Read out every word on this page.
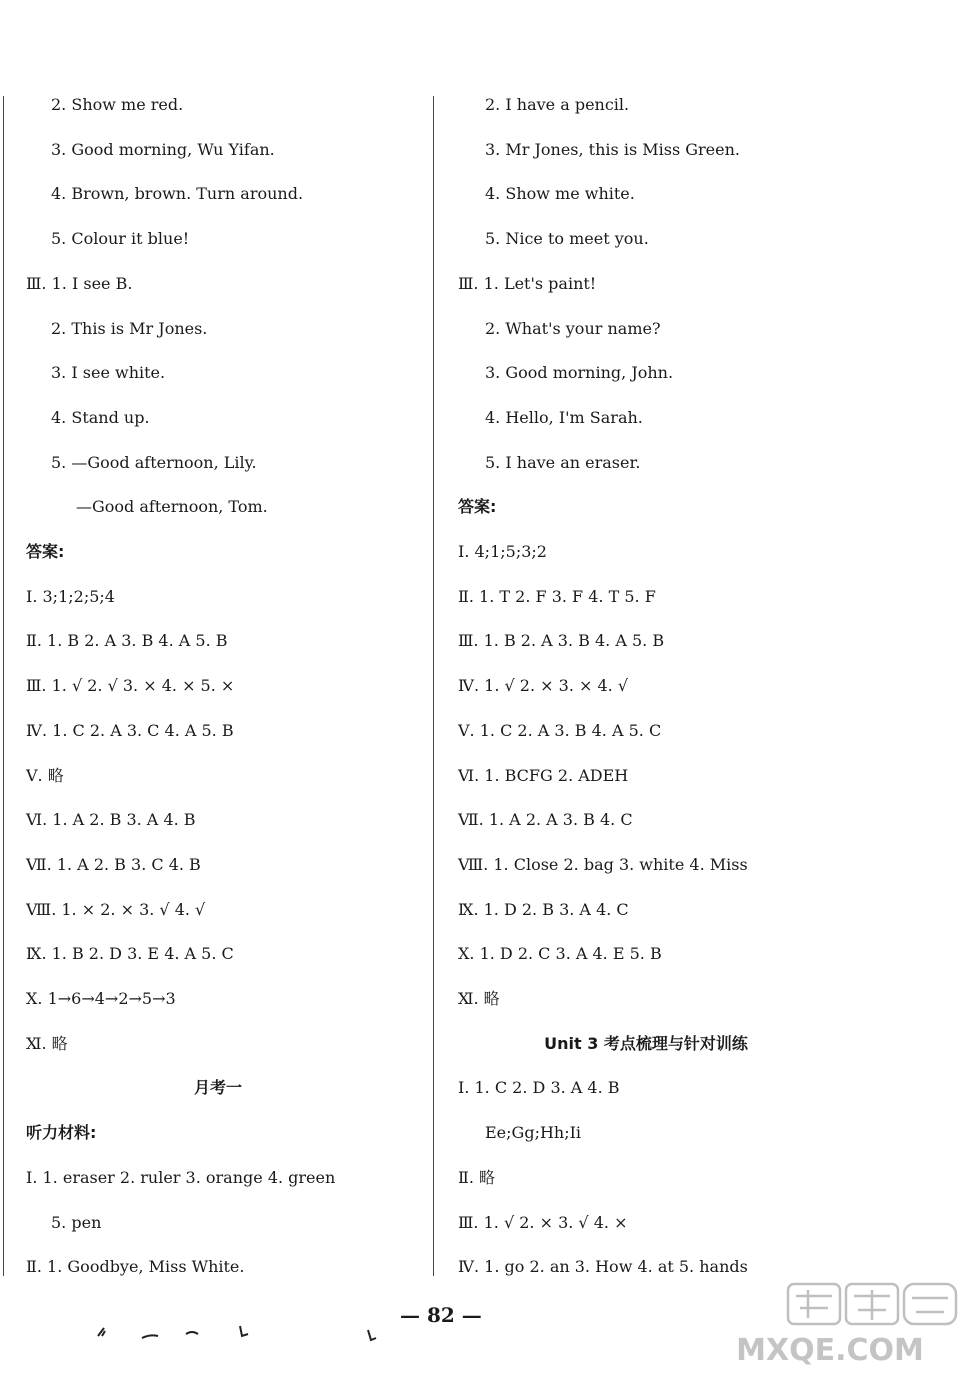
2. Show me red.
3. Good morning, Wu Yifan.
4. Brown, brown. Turn around.
5. Colour it blue!
Ⅲ. 1. I see B.
2. This is Mr Jones.
3. I see white.
4. Stand up.
5. —Good afternoon, Lily.
—Good afternoon, Tom.
答案:
Ⅰ. 3;1;2;5;4
Ⅱ. 1. B 2. A 3. B 4. A 5. B
Ⅲ. 1. √ 2. √ 3. × 4. × 5. ×
Ⅳ. 1. C 2. A 3. C 4. A 5. B
Ⅴ. 略
Ⅵ. 1. A 2. B 3. A 4. B
Ⅶ. 1. A 2. B 3. C 4. B
Ⅷ. 1. × 2. × 3. √ 4. √
Ⅸ. 1. B 2. D 3. E 4. A 5. C
Ⅹ. 1→6→4→2→5→3
Ⅺ. 略
月考一
听力材料:
Ⅰ. 1. eraser 2. ruler 3. orange 4. green
5. pen
Ⅱ. 1. Goodbye, Miss White.
2. I have a pencil.
3. Mr Jones, this is Miss Green.
4. Show me white.
5. Nice to meet you.
Ⅲ. 1. Let's paint!
2. What's your name?
3. Good morning, John.
4. Hello, I'm Sarah.
5. I have an eraser.
答案:
Ⅰ. 4;1;5;3;2
Ⅱ. 1. T 2. F 3. F 4. T 5. F
Ⅲ. 1. B 2. A 3. B 4. A 5. B
Ⅳ. 1. √ 2. × 3. × 4. √
Ⅴ. 1. C 2. A 3. B 4. A 5. C
Ⅵ. 1. BCFG 2. ADEH
Ⅶ. 1. A 2. A 3. B 4. C
Ⅷ. 1. Close 2. bag 3. white 4. Miss
Ⅸ. 1. D 2. B 3. A 4. C
Ⅹ. 1. D 2. C 3. A 4. E 5. B
Ⅺ. 略
Unit 3 考点梳理与针对训练
Ⅰ. 1. C 2. D 3. A 4. B
Ee;Gg;Hh;Ii
Ⅱ. 略
Ⅲ. 1. √ 2. × 3. √ 4. ×
Ⅳ. 1. go 2. an 3. How 4. at 5. hands
— 82 —
MXQE.COM
